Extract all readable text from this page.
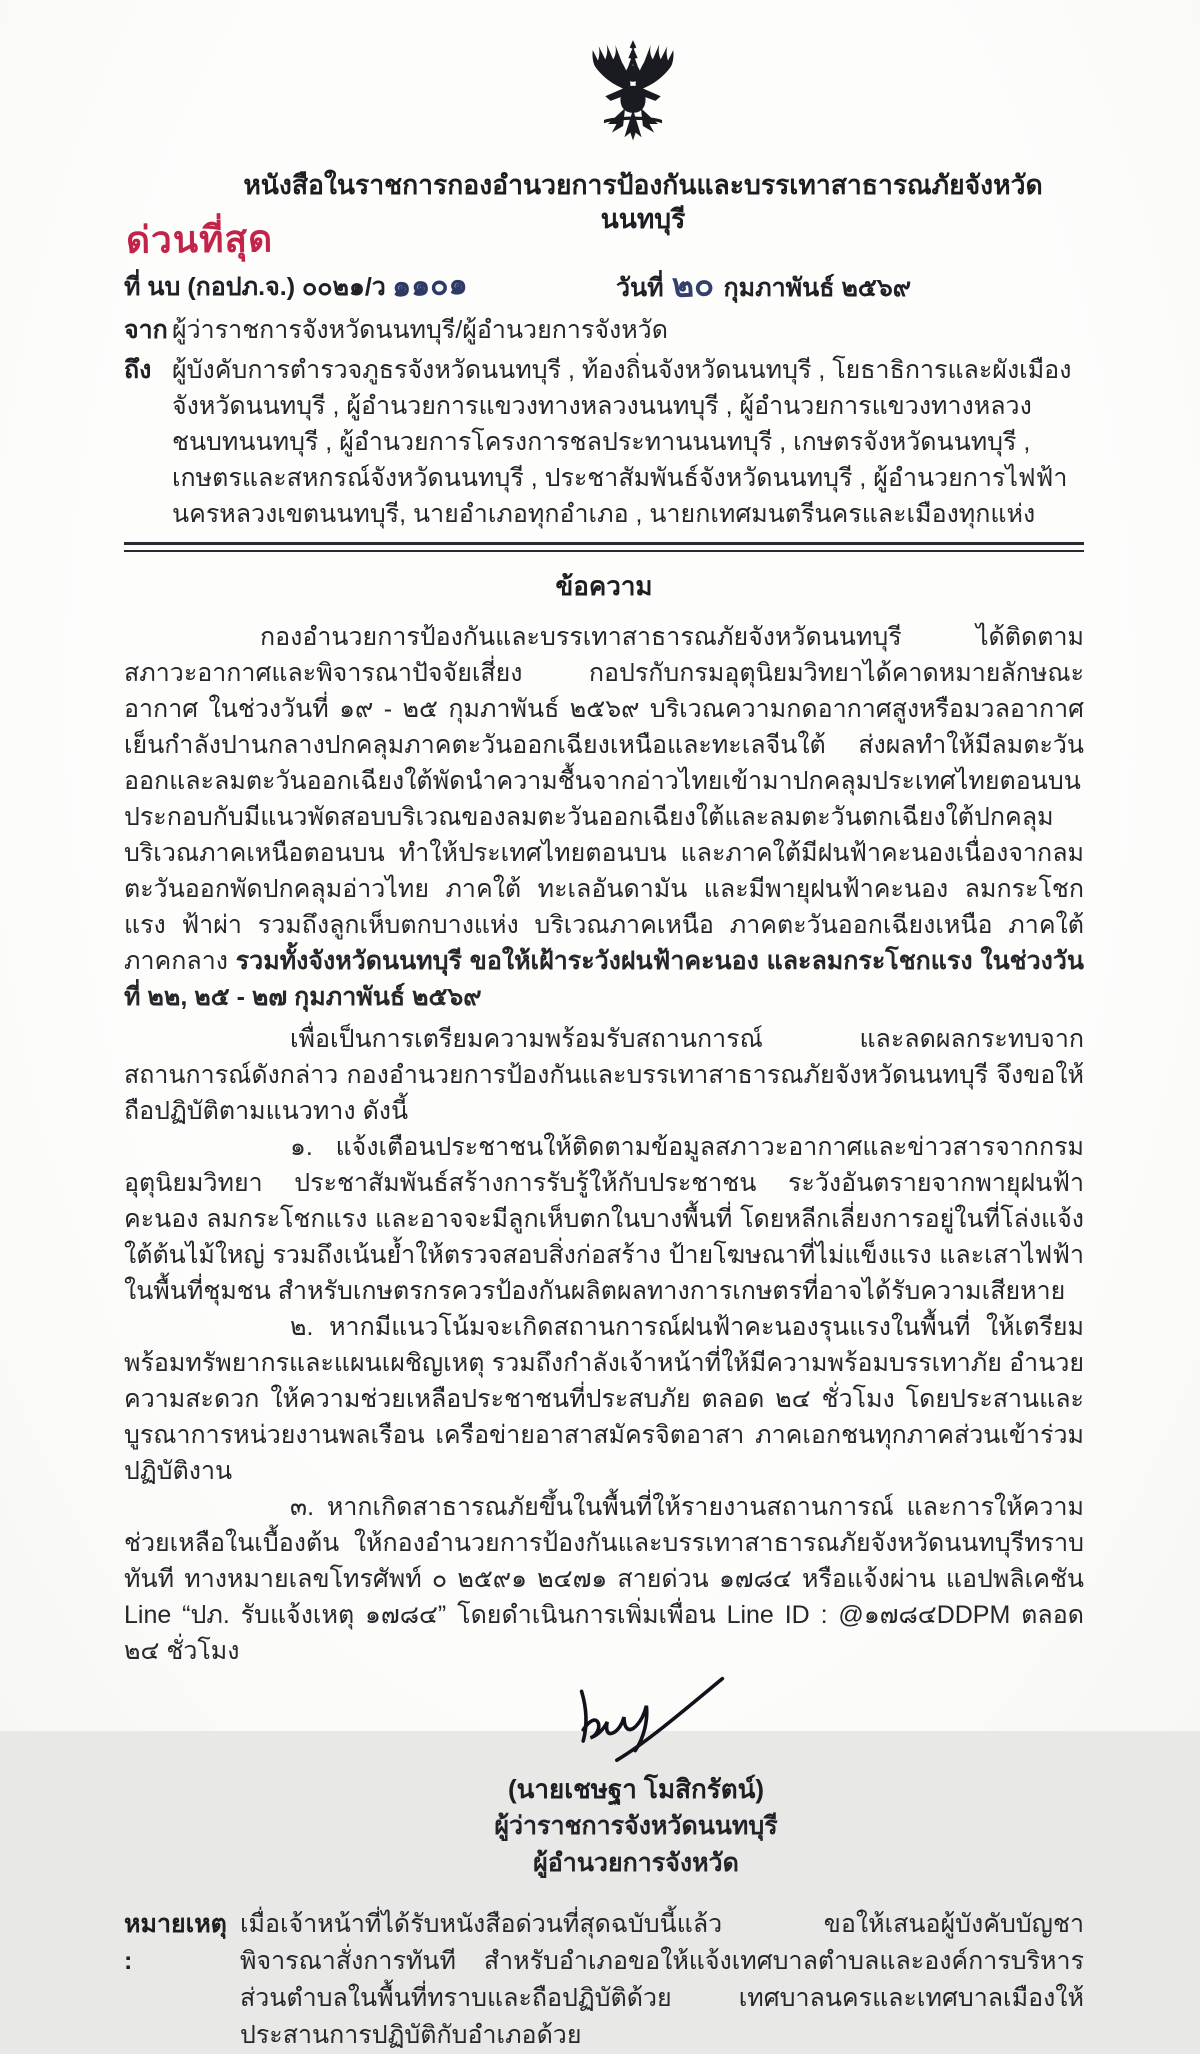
หนังสือในราชการกองอำนวยการป้องกันและบรรเทาสาธารณภัยจังหวัดนนทบุรี
ด่วนที่สุด
ที่ นบ (กอปภ.จ.) ๐๐๒๑/ว ๑๑๐๑	วันที่ ๒๐ กุมภาพันธ์ ๒๕๖๙
จาก ผู้ว่าราชการจังหวัดนนทบุรี/ผู้อำนวยการจังหวัด
ถึง ผู้บังคับการตำรวจภูธรจังหวัดนนทบุรี , ท้องถิ่นจังหวัดนนทบุรี , โยธาธิการและผังเมืองจังหวัดนนทบุรี , ผู้อำนวยการแขวงทางหลวงนนทบุรี , ผู้อำนวยการแขวงทางหลวงชนบทนนทบุรี , ผู้อำนวยการโครงการชลประทานนนทบุรี , เกษตรจังหวัดนนทบุรี , เกษตรและสหกรณ์จังหวัดนนทบุรี , ประชาสัมพันธ์จังหวัดนนทบุรี , ผู้อำนวยการไฟฟ้านครหลวงเขตนนทบุรี, นายอำเภอทุกอำเภอ , นายกเทศมนตรีนครและเมืองทุกแห่ง
ข้อความ

กองอำนวยการป้องกันและบรรเทาสาธารณภัยจังหวัดนนทบุรี ได้ติดตามสภาวะอากาศและพิจารณาปัจจัยเสี่ยง กอปรกับกรมอุตุนิยมวิทยาได้คาดหมายลักษณะอากาศ ในช่วงวันที่ ๑๙ - ๒๕ กุมภาพันธ์ ๒๕๖๙ บริเวณความกดอากาศสูงหรือมวลอากาศเย็นกำลังปานกลางปกคลุมภาคตะวันออกเฉียงเหนือและทะเลจีนใต้ ส่งผลทำให้มีลมตะวันออกและลมตะวันออกเฉียงใต้พัดนำความชื้นจากอ่าวไทยเข้ามาปกคลุมประเทศไทยตอนบน ประกอบกับมีแนวพัดสอบบริเวณของลมตะวันออกเฉียงใต้และลมตะวันตกเฉียงใต้ปกคลุมบริเวณภาคเหนือตอนบน ทำให้ประเทศไทยตอนบน และภาคใต้มีฝนฟ้าคะนองเนื่องจากลมตะวันออกพัดปกคลุมอ่าวไทย ภาคใต้ ทะเลอันดามัน และมีพายุฝนฟ้าคะนอง ลมกระโชกแรง ฟ้าผ่า รวมถึงลูกเห็บตกบางแห่ง บริเวณภาคเหนือ ภาคตะวันออกเฉียงเหนือ ภาคใต้ ภาคกลาง รวมทั้งจังหวัดนนทบุรี ขอให้เฝ้าระวังฝนฟ้าคะนอง และลมกระโชกแรง ในช่วงวันที่ ๒๒, ๒๕ - ๒๗ กุมภาพันธ์ ๒๕๖๙

เพื่อเป็นการเตรียมความพร้อมรับสถานการณ์ และลดผลกระทบจากสถานการณ์ดังกล่าว กองอำนวยการป้องกันและบรรเทาสาธารณภัยจังหวัดนนทบุรี จึงขอให้ถือปฏิบัติตามแนวทาง ดังนี้

๑. แจ้งเตือนประชาชนให้ติดตามข้อมูลสภาวะอากาศและข่าวสารจากกรมอุตุนิยมวิทยา ประชาสัมพันธ์สร้างการรับรู้ให้กับประชาชน ระวังอันตรายจากพายุฝนฟ้าคะนอง ลมกระโชกแรง และอาจจะมีลูกเห็บตกในบางพื้นที่ โดยหลีกเลี่ยงการอยู่ในที่โล่งแจ้ง ใต้ต้นไม้ใหญ่ รวมถึงเน้นย้ำให้ตรวจสอบสิ่งก่อสร้าง ป้ายโฆษณาที่ไม่แข็งแรง และเสาไฟฟ้าในพื้นที่ชุมชน สำหรับเกษตรกรควรป้องกันผลิตผลทางการเกษตรที่อาจได้รับความเสียหาย

๒. หากมีแนวโน้มจะเกิดสถานการณ์ฝนฟ้าคะนองรุนแรงในพื้นที่ ให้เตรียมพร้อมทรัพยากรและแผนเผชิญเหตุ รวมถึงกำลังเจ้าหน้าที่ให้มีความพร้อมบรรเทาภัย อำนวยความสะดวก ให้ความช่วยเหลือประชาชนที่ประสบภัย ตลอด ๒๔ ชั่วโมง โดยประสานและบูรณาการหน่วยงานพลเรือน เครือข่ายอาสาสมัครจิตอาสา ภาคเอกชนทุกภาคส่วนเข้าร่วมปฏิบัติงาน

๓. หากเกิดสาธารณภัยขึ้นในพื้นที่ให้รายงานสถานการณ์ และการให้ความช่วยเหลือในเบื้องต้น ให้กองอำนวยการป้องกันและบรรเทาสาธารณภัยจังหวัดนนทบุรีทราบทันที ทางหมายเลขโทรศัพท์ ๐ ๒๕๙๑ ๒๔๗๑ สายด่วน ๑๗๘๔ หรือแจ้งผ่าน แอปพลิเคชัน Line “ปภ. รับแจ้งเหตุ ๑๗๘๔” โดยดำเนินการเพิ่มเพื่อน Line ID : @๑๗๘๔DDPM ตลอด ๒๔ ชั่วโมง

(นายเชษฐา โมสิกรัตน์)
ผู้ว่าราชการจังหวัดนนทบุรี
ผู้อำนวยการจังหวัด
หมายเหตุ :
เมื่อเจ้าหน้าที่ได้รับหนังสือด่วนที่สุดฉบับนี้แล้ว ขอให้เสนอผู้บังคับบัญชาพิจารณาสั่งการทันที สำหรับอำเภอขอให้แจ้งเทศบาลตำบลและองค์การบริหารส่วนตำบลในพื้นที่ทราบและถือปฏิบัติด้วย เทศบาลนครและเทศบาลเมืองให้ประสานการปฏิบัติกับอำเภอด้วย
